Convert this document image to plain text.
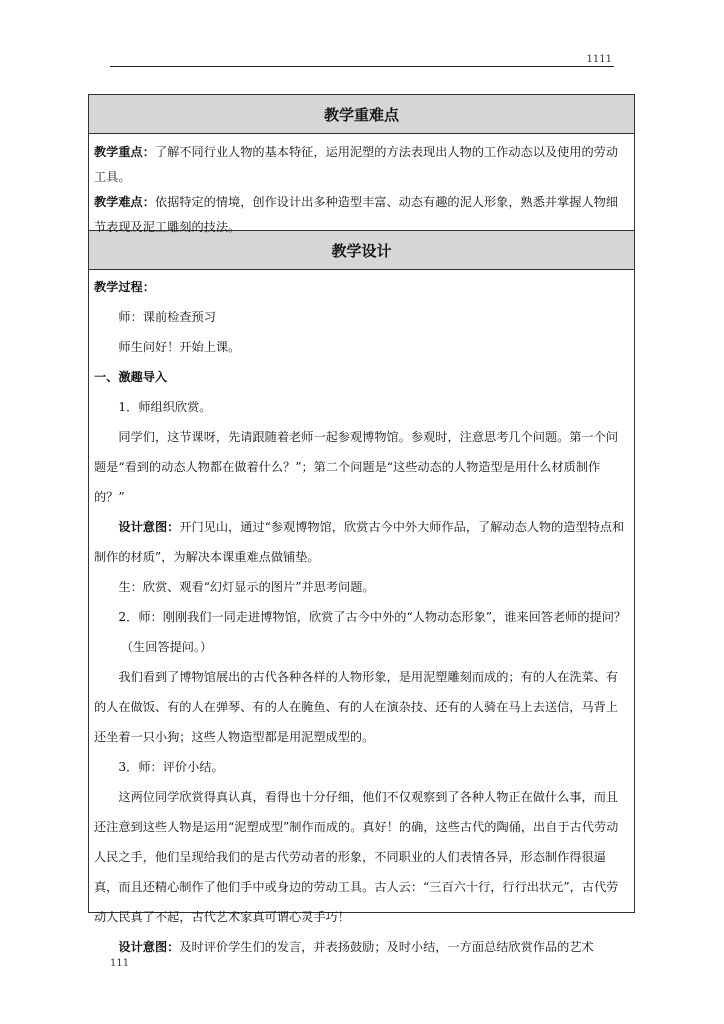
1111
教学重难点

教学重点：了解不同行业人物的基本特征，运用泥塑的方法表现出人物的工作动态以及使用的劳动工具。

教学难点：依据特定的情境，创作设计出多种造型丰富、动态有趣的泥人形象，熟悉并掌握人物细节表现及泥工雕刻的技法。

教学设计

教学过程：

师：课前检查预习

师生问好！开始上课。

一、激趣导入

1．师组织欣赏。

同学们，这节课呀，先请跟随着老师一起参观博物馆。参观时，注意思考几个问题。第一个问题是“看到的动态人物都在做着什么？”；第二个问题是“这些动态的人物造型是用什么材质制作的？”

设计意图：开门见山，通过“参观博物馆，欣赏古今中外大师作品，了解动态人物的造型特点和制作的材质”，为解决本课重难点做铺垫。

生：欣赏、观看“幻灯显示的图片”并思考问题。

2．师：刚刚我们一同走进博物馆，欣赏了古今中外的“人物动态形象”，谁来回答老师的提问？

（生回答提问。）

我们看到了博物馆展出的古代各种各样的人物形象，是用泥塑雕刻而成的；有的人在洗菜、有的人在做饭、有的人在弹琴、有的人在腌鱼、有的人在演杂技、还有的人骑在马上去送信，马背上还坐着一只小狗；这些人物造型都是用泥塑成型的。

3．师：评价小结。

这两位同学欣赏得真认真，看得也十分仔细，他们不仅观察到了各种人物正在做什么事，而且还注意到这些人物是运用“泥塑成型”制作而成的。真好！的确，这些古代的陶俑，出自于古代劳动人民之手，他们呈现给我们的是古代劳动者的形象，不同职业的人们表情各异，形态制作得很逼真，而且还精心制作了他们手中或身边的劳动工具。古人云：“三百六十行，行行出状元”，古代劳动人民真了不起，古代艺术家真可谓心灵手巧！

设计意图：及时评价学生们的发言，并表扬鼓励；及时小结，一方面总结欣赏作品的艺术

111
